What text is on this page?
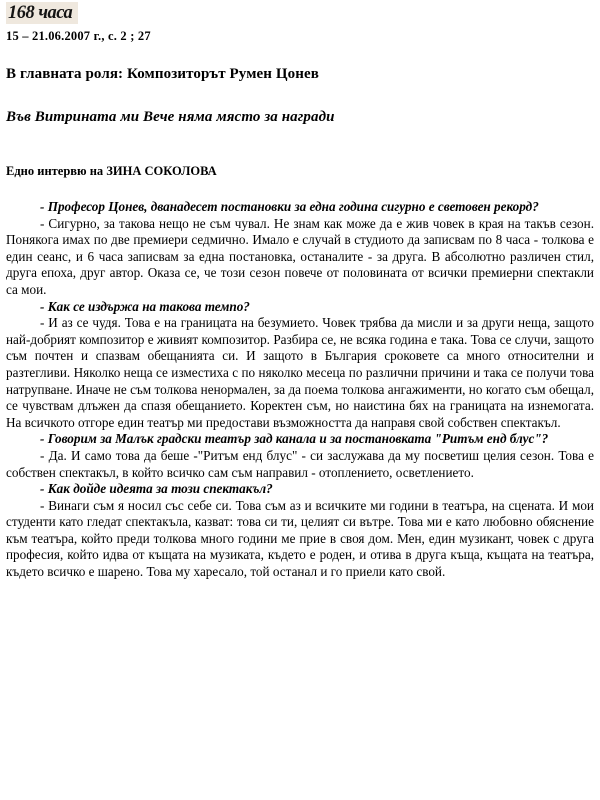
168 часа

15 – 21.06.2007 г., с. 2 ; 27

В главната роля: Композиторът Румен Цонев
Във Витрината ми Вече няма място за награди

Едно интервю на ЗИНА СОКОЛОВА

- Професор Цонев, дванадесет постановки за една година сигурно е световен рекорд?

- Сигурно, за такова нещо не съм чувал. Не знам как може да е жив човек в края на такъв сезон. Понякога имах по две премиери седмично. Имало е случай в студиото да записвам по 8 часа - толкова е един сеанс, и 6 часа записвам за една постановка, останалите - за друга. В абсолютно различен стил, друга епоха, друг автор. Оказа се, че този сезон повече от половината от всички премиерни спектакли са мои.

- Как се издържа на такова темпо?

- И аз се чудя. Това е на границата на безумието. Човек трябва да мисли и за други неща, защото най-добрият композитор е живият композитор. Разбира се, не всяка година е така. Това се случи, защото съм почтен и спазвам обещанията си. И защото в България сроковете са много относителни и разтегливи. Няколко неща се изместиха с по няколко месеца по различни причини и така се получи това натрупване. Иначе не съм толкова ненормален, за да поема толкова ангажименти, но когато съм обещал, се чувствам длъжен да спазя обещанието. Коректен съм, но наистина бях на границата на изнемогата. На всичкото отгоре един театър ми предостави възможността да направя свой собствен спектакъл.

- Говорим за Малък градски театър зад канала и за постановката "Ритъм енд блус"?

- Да. И само това да беше -"Ритъм енд блус" - си заслужава да му посветиш целия сезон. Това е собствен спектакъл, в който всичко сам съм направил - отоплението, осветлението.

- Как дойде идеята за този спектакъл?

- Винаги съм я носил със себе си. Това съм аз и всичките ми години в театъра, на сцената. И мои студенти като гледат спектакъла, казват: това си ти, целият си вътре. Това ми е като любовно обяснение към театъра, който преди толкова много години ме прие в своя дом. Мен, един музикант, човек с друга професия, който идва от къщата на музиката, където е роден, и отива в друга къща, къщата на театъра, където всичко е шарено. Това му харесало, той останал и го приели като свой.
